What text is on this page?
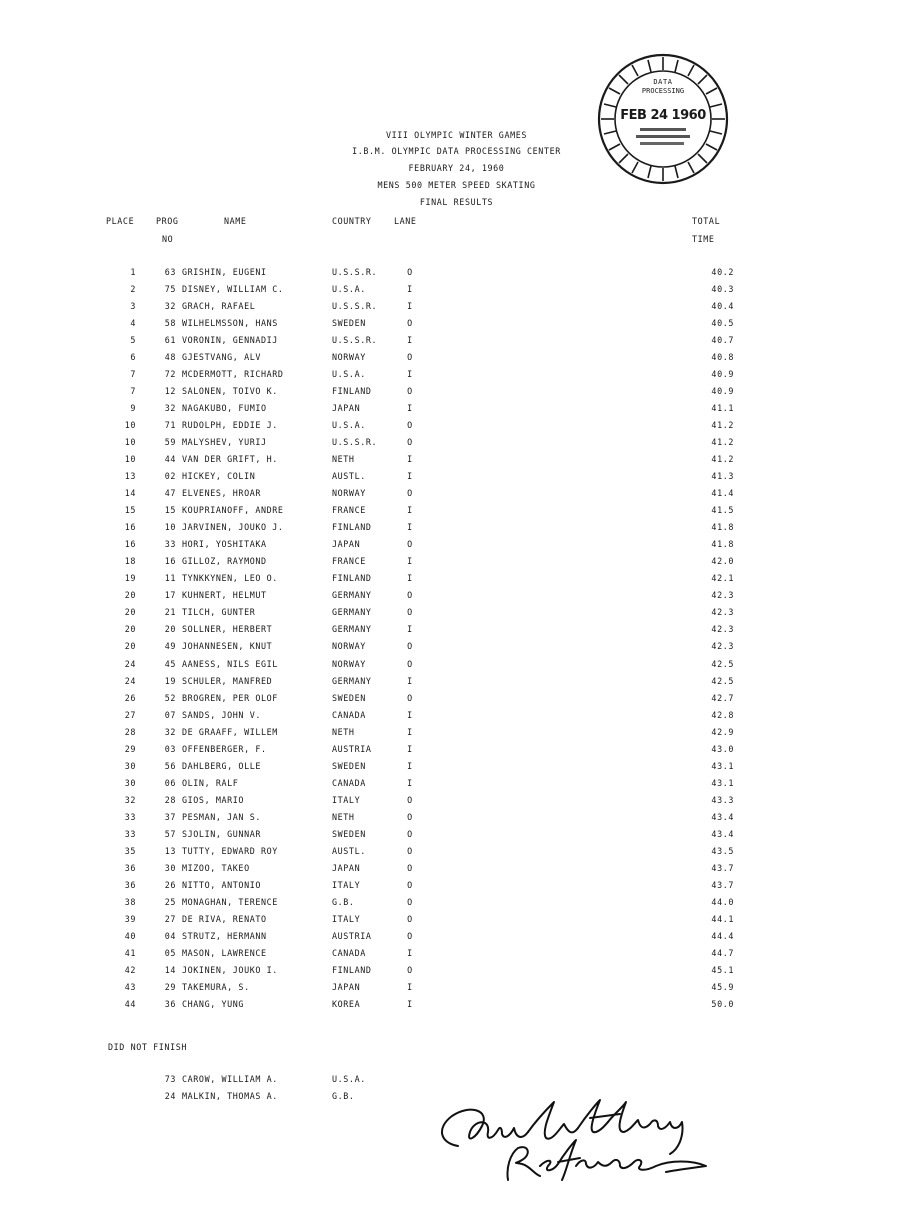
VIII OLYMPIC WINTER GAMES
I.B.M. OLYMPIC DATA PROCESSING CENTER
FEBRUARY 24, 1960
MENS 500 METER SPEED SKATING
FINAL RESULTS
DATA
PROCESSING
FEB 24 1960
PLACE	PROG
NO
NAME	COUNTRY	LANE	TOTAL
TIME
1	63 GRISHIN, EUGENI	U.S.S.R.	O	40.2
2	75 DISNEY, WILLIAM C.	U.S.A.	I	40.3
3	32 GRACH, RAFAEL	U.S.S.R.	I	40.4
4	58 WILHELMSSON, HANS	SWEDEN	O	40.5
5	61 VORONIN, GENNADIJ	U.S.S.R.	I	40.7
6	48 GJESTVANG, ALV	NORWAY	O	40.8
7	72 MCDERMOTT, RICHARD	U.S.A.	I	40.9
7	12 SALONEN, TOIVO K.	FINLAND	O	40.9
9	32 NAGAKUBO, FUMIO	JAPAN	I	41.1
10	71 RUDOLPH, EDDIE J.	U.S.A.	O	41.2
10	59 MALYSHEV, YURIJ	U.S.S.R.	O	41.2
10	44 VAN DER GRIFT, H.	NETH	I	41.2
13	02 HICKEY, COLIN	AUSTL.	I	41.3
14	47 ELVENES, HROAR	NORWAY	O	41.4
15	15 KOUPRIANOFF, ANDRE	FRANCE	I	41.5
16	10 JARVINEN, JOUKO J.	FINLAND	I	41.8
16	33 HORI, YOSHITAKA	JAPAN	O	41.8
18	16 GILLOZ, RAYMOND	FRANCE	I	42.0
19	11 TYNKKYNEN, LEO O.	FINLAND	I	42.1
20	17 KUHNERT, HELMUT	GERMANY	O	42.3
20	21 TILCH, GUNTER	GERMANY	O	42.3
20	20 SOLLNER, HERBERT	GERMANY	I	42.3
20	49 JOHANNESEN, KNUT	NORWAY	O	42.3
24	45 AANESS, NILS EGIL	NORWAY	O	42.5
24	19 SCHULER, MANFRED	GERMANY	I	42.5
26	52 BROGREN, PER OLOF	SWEDEN	O	42.7
27	07 SANDS, JOHN V.	CANADA	I	42.8
28	32 DE GRAAFF, WILLEM	NETH	I	42.9
29	03 OFFENBERGER, F.	AUSTRIA	I	43.0
30	56 DAHLBERG, OLLE	SWEDEN	I	43.1
30	06 OLIN, RALF	CANADA	I	43.1
32	28 GIOS, MARIO	ITALY	O	43.3
33	37 PESMAN, JAN S.	NETH	O	43.4
33	57 SJOLIN, GUNNAR	SWEDEN	O	43.4
35	13 TUTTY, EDWARD ROY	AUSTL.	O	43.5
36	30 MIZOO, TAKEO	JAPAN	O	43.7
36	26 NITTO, ANTONIO	ITALY	O	43.7
38	25 MONAGHAN, TERENCE	G.B.	O	44.0
39	27 DE RIVA, RENATO	ITALY	O	44.1
40	04 STRUTZ, HERMANN	AUSTRIA	O	44.4
41	05 MASON, LAWRENCE	CANADA	I	44.7
42	14 JOKINEN, JOUKO I.	FINLAND	O	45.1
43	29 TAKEMURA, S.	JAPAN	I	45.9
44	36 CHANG, YUNG	KOREA	I	50.0
DID NOT FINISH
73 CAROW, WILLIAM A.	U.S.A.
24 MALKIN, THOMAS A.	G.B.
